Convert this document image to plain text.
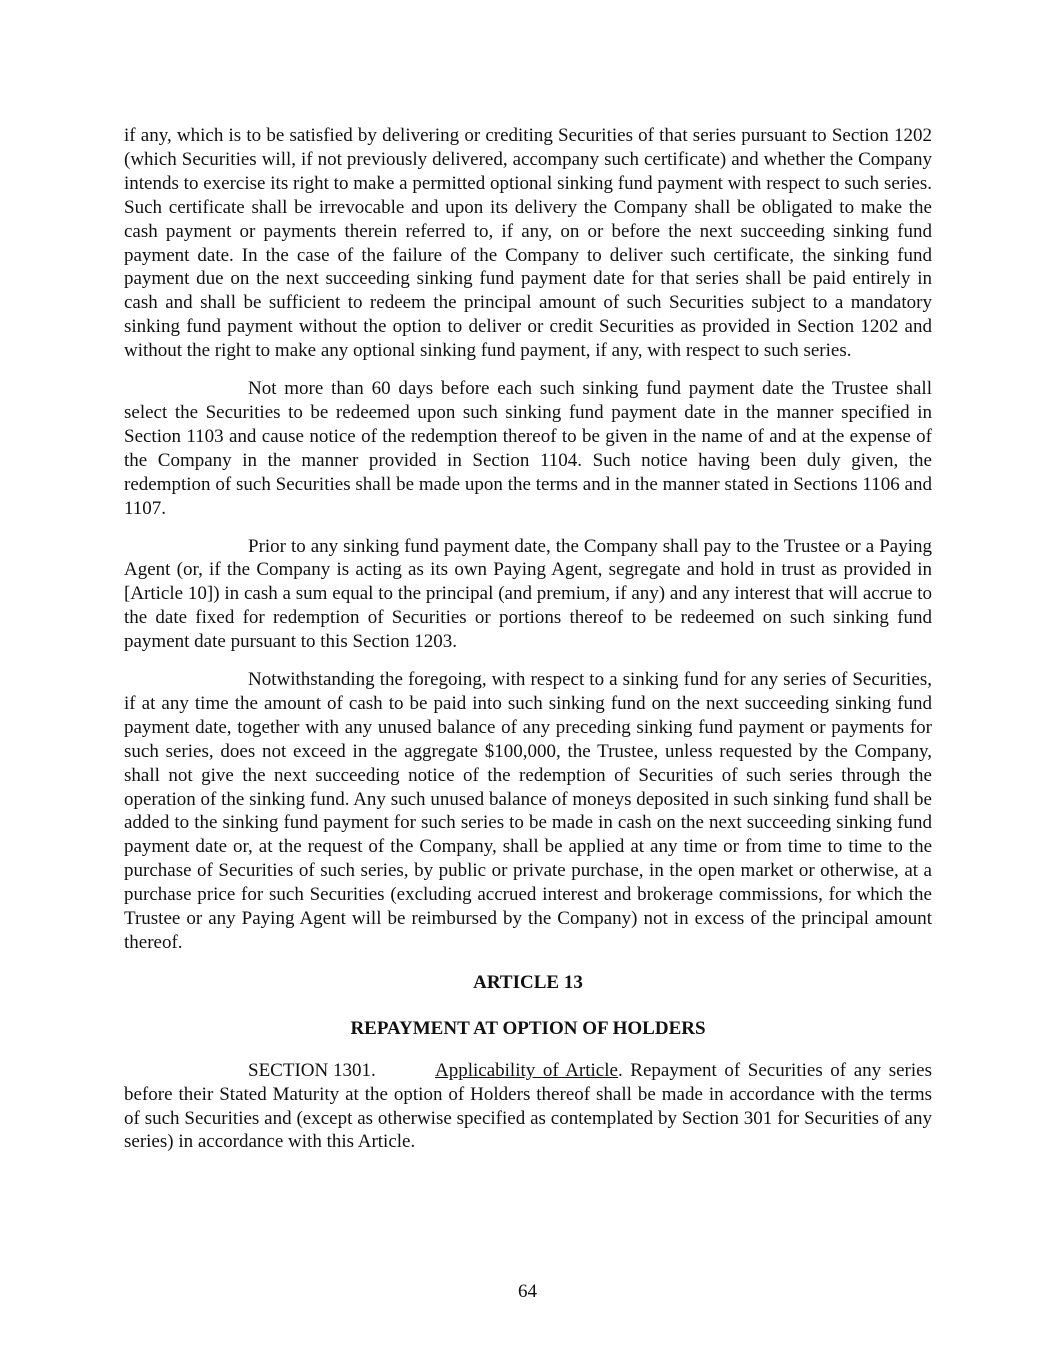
if any, which is to be satisfied by delivering or crediting Securities of that series pursuant to Section 1202 (which Securities will, if not previously delivered, accompany such certificate) and whether the Company intends to exercise its right to make a permitted optional sinking fund payment with respect to such series. Such certificate shall be irrevocable and upon its delivery the Company shall be obligated to make the cash payment or payments therein referred to, if any, on or before the next succeeding sinking fund payment date. In the case of the failure of the Company to deliver such certificate, the sinking fund payment due on the next succeeding sinking fund payment date for that series shall be paid entirely in cash and shall be sufficient to redeem the principal amount of such Securities subject to a mandatory sinking fund payment without the option to deliver or credit Securities as provided in Section 1202 and without the right to make any optional sinking fund payment, if any, with respect to such series.

Not more than 60 days before each such sinking fund payment date the Trustee shall select the Securities to be redeemed upon such sinking fund payment date in the manner specified in Section 1103 and cause notice of the redemption thereof to be given in the name of and at the expense of the Company in the manner provided in Section 1104. Such notice having been duly given, the redemption of such Securities shall be made upon the terms and in the manner stated in Sections 1106 and 1107.

Prior to any sinking fund payment date, the Company shall pay to the Trustee or a Paying Agent (or, if the Company is acting as its own Paying Agent, segregate and hold in trust as provided in [Article 10]) in cash a sum equal to the principal (and premium, if any) and any interest that will accrue to the date fixed for redemption of Securities or portions thereof to be redeemed on such sinking fund payment date pursuant to this Section 1203.

Notwithstanding the foregoing, with respect to a sinking fund for any series of Securities, if at any time the amount of cash to be paid into such sinking fund on the next succeeding sinking fund payment date, together with any unused balance of any preceding sinking fund payment or payments for such series, does not exceed in the aggregate $100,000, the Trustee, unless requested by the Company, shall not give the next succeeding notice of the redemption of Securities of such series through the operation of the sinking fund. Any such unused balance of moneys deposited in such sinking fund shall be added to the sinking fund payment for such series to be made in cash on the next succeeding sinking fund payment date or, at the request of the Company, shall be applied at any time or from time to time to the purchase of Securities of such series, by public or private purchase, in the open market or otherwise, at a purchase price for such Securities (excluding accrued interest and brokerage commissions, for which the Trustee or any Paying Agent will be reimbursed by the Company) not in excess of the principal amount thereof.

ARTICLE 13

REPAYMENT AT OPTION OF HOLDERS

SECTION 1301.	Applicability of Article. Repayment of Securities of any series before their Stated Maturity at the option of Holders thereof shall be made in accordance with the terms of such Securities and (except as otherwise specified as contemplated by Section 301 for Securities of any series) in accordance with this Article.

64
